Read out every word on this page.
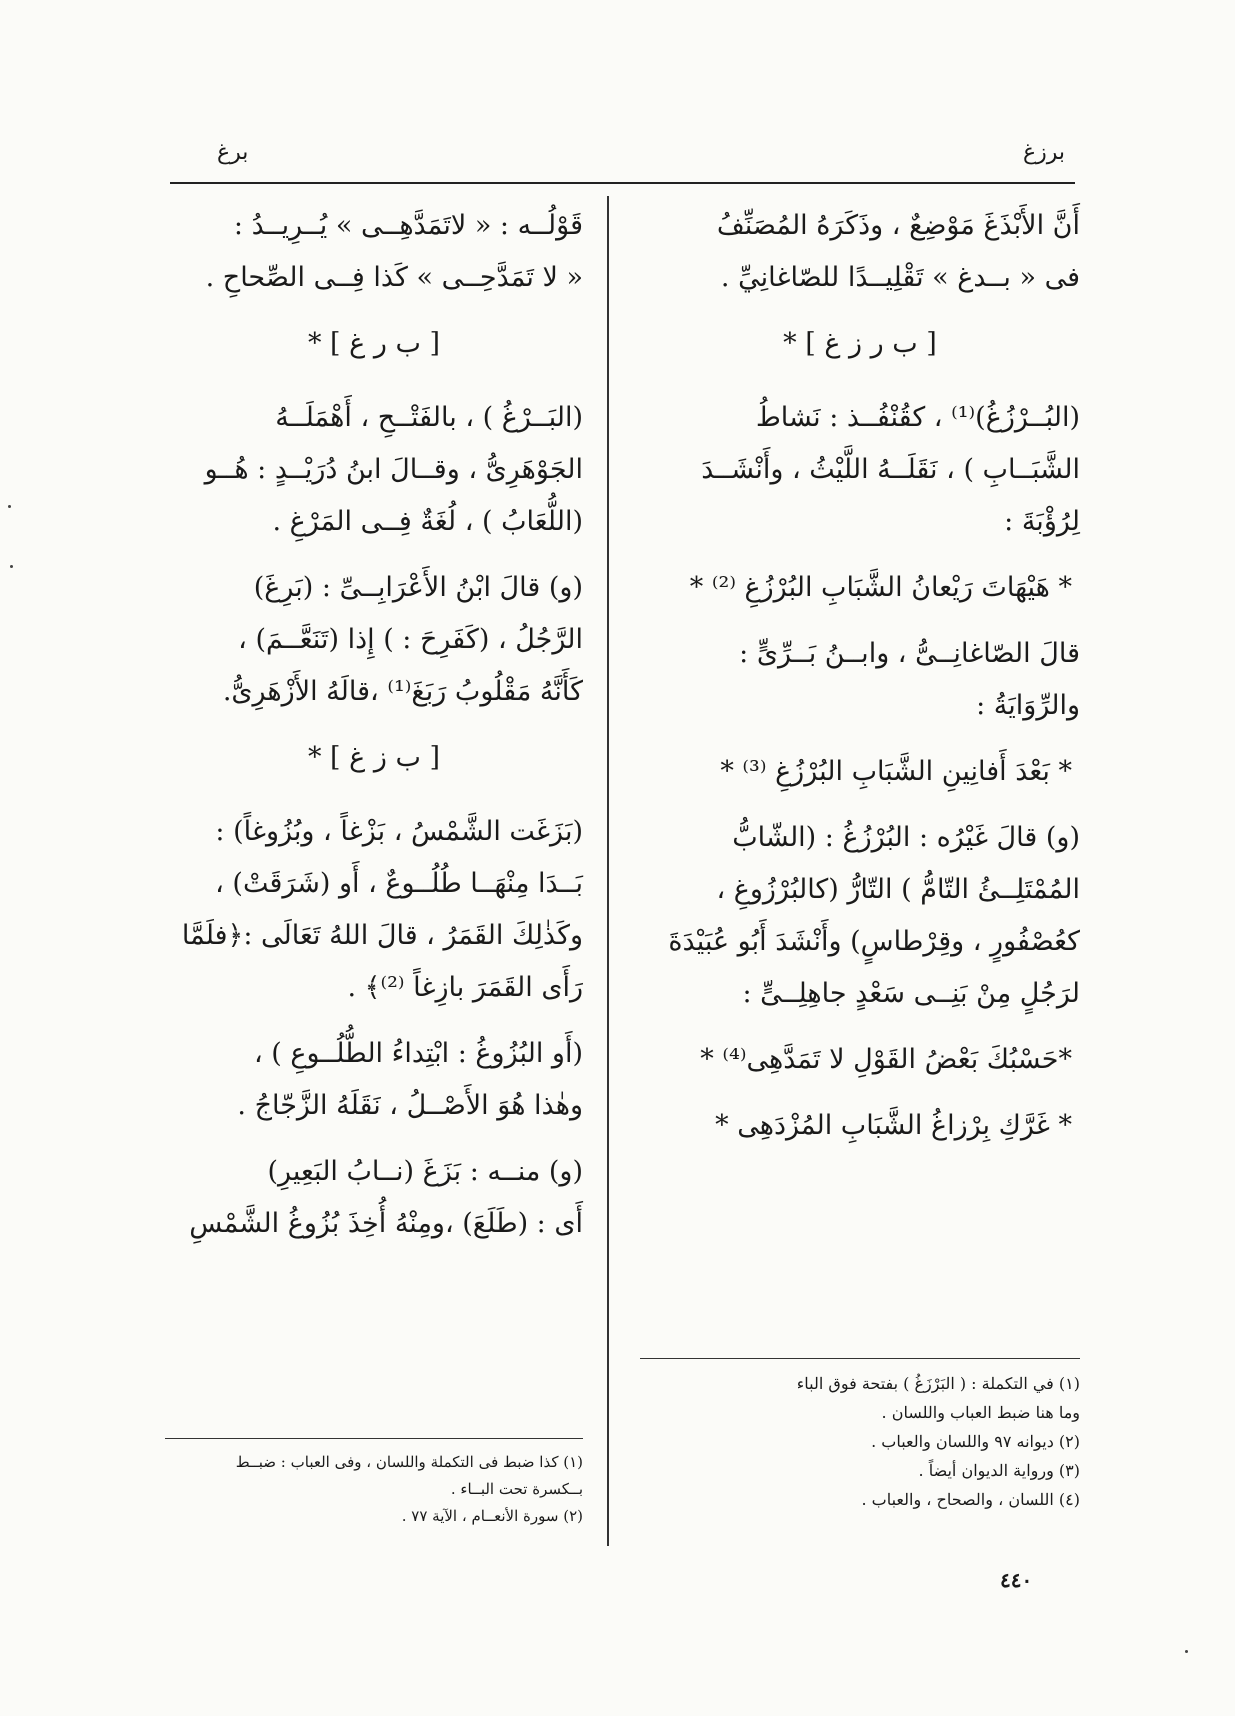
برزغ
برغ
أَنَّ الأَبْذَغَ مَوْضِعٌ ، وذَكَرَهُ المُصَنِّفُ
فى « بــدغ » تَقْلِيــدًا للصّاغانِيِّ .
[ ب ر ز غ ] *
(البُــرْزُغُ)⁽¹⁾ ، كقُنْفُــذ : نَشاطُ
الشَّبَــابِ ) ، نَقَلَــهُ اللَّيْثُ ، وأَنْشَــدَ
لِرُؤْبَةَ :
* هَيْهَاتَ رَيْعانُ الشَّبَابِ البُرْزُغِ ⁽²⁾ *
قالَ الصّاغانِــىُّ ، وابــنُ بَــرِّىٍّ :
والرِّوَايَةُ :
* بَعْدَ أَفانِينِ الشَّبَابِ البُرْزُغِ ⁽³⁾ *
(و) قالَ غَيْرُه : البُرْزُغُ : (الشّابُّ
المُمْتَلِــئُ التّامُّ ) التّارُّ (كالبُرْزُوغِ ،
كعُصْفُورٍ ، وقِرْطاسٍ) وأَنْشَدَ أَبُو عُبَيْدَةَ
لرَجُلٍ مِنْ بَنِــى سَعْدٍ جاهِلِــىٍّ :
*حَسْبُكَ بَعْضُ القَوْلِ لا تَمَدَّهِى⁽⁴⁾ *
* غَرَّكِ بِرْزاغُ الشَّبَابِ المُزْدَهِى *
(١) في التكملة : ( البَرْزَغُ ) بفتحة فوق الباء
وما هنا ضبط العباب واللسان .
(٢) ديوانه ٩٧ واللسان والعباب .
(٣) ورواية الديوان أيضاً .
(٤) اللسان ، والصحاح ، والعباب .
قَوْلُــه : « لاتَمَدَّهِــى » يُــرِيــدُ :
« لا تَمَدَّحِــى » كَذا فِــى الصِّحاحِ .
[ ب ر غ ] *
(البَــرْغُ ) ، بالفَتْــحِ ، أَهْمَلَــهُ
الجَوْهَرِىُّ ، وقــالَ ابنُ دُرَيْــدٍ : هُــو
(اللُّعَابُ ) ، لُغَةٌ فِــى المَرْغِ .
(و) قالَ ابْنُ الأَعْرَابِــىِّ : (بَرِغَ)
الرَّجُلُ ، (كَفَرِحَ : ) إِذا (تَنَعَّــمَ) ،
كَأَنَّهُ مَقْلُوبُ رَبَغَ⁽¹⁾ ،قالَهُ الأَزْهَرِىُّ.
[ ب ز غ ] *
(بَزَغَت الشَّمْسُ ، بَزْغاً ، وبُزُوغاً) :
بَــدَا مِنْهَــا طُلُــوعٌ ، أَو (شَرَقَتْ) ،
وكَذٰلِكَ القَمَرُ ، قالَ اللهُ تَعَالَى :﴿فلَمَّا
رَأَى القَمَرَ بازِغاً ⁽²⁾﴾ .
(أَو البُزُوغُ : ابْتِداءُ الطُّلُــوعِ ) ،
وهٰذا هُوَ الأَصْــلُ ، نَقَلَهُ الزَّجّاجُ .
(و) منــه : بَزَغَ (نــابُ البَعِيرِ)
أَى : (طَلَعَ) ،ومِنْهُ أُخِذَ بُزُوغُ الشَّمْسِ
(١) كذا ضبط فى التكملة واللسان ، وفى العباب : ضبــط
بــكسرة تحت البــاء .
(٢) سورة الأنعــام ، الآية ٧٧ .
٤٤٠
